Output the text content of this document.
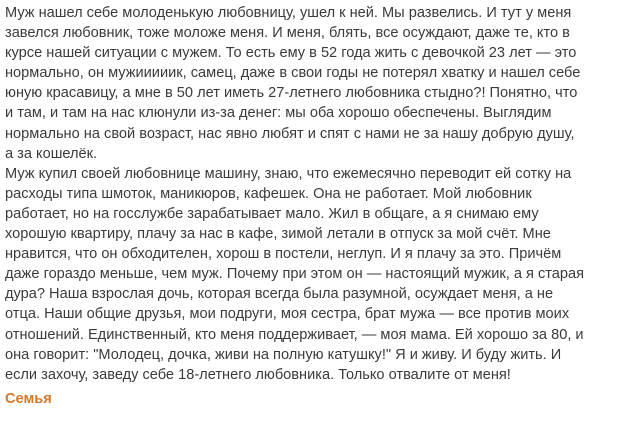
Муж нашел себе молоденькую любовницу, ушел к ней. Мы развелись. И тут у меня
завелся любовник, тоже моложе меня. И меня, блять, все осуждают, даже те, кто в
курсе нашей ситуации с мужем. То есть ему в 52 года жить с девочкой 23 лет — это
нормально, он мужииииик, самец, даже в свои годы не потерял хватку и нашел себе
юную красавицу, а мне в 50 лет иметь 27-летнего любовника стыдно?! Понятно, что
и там, и там на нас клюнули из-за денег: мы оба хорошо обеспечены. Выглядим
нормально на свой возраст, нас явно любят и спят с нами не за нашу добрую душу,
а за кошелёк.

Муж купил своей любовнице машину, знаю, что ежемесячно переводит ей сотку на
расходы типа шмоток, маникюров, кафешек. Она не работает. Мой любовник
работает, но на госслужбе зарабатывает мало. Жил в общаге, а я снимаю ему
хорошую квартиру, плачу за нас в кафе, зимой летали в отпуск за мой счёт. Мне
нравится, что он обходителен, хорош в постели, неглуп. И я плачу за это. Причём
даже гораздо меньше, чем муж. Почему при этом он — настоящий мужик, а я старая
дура? Наша взрослая дочь, которая всегда была разумной, осуждает меня, а не
отца. Наши общие друзья, мои подруги, моя сестра, брат мужа — все против моих
отношений. Единственный, кто меня поддерживает, — моя мама. Ей хорошо за 80, и
она говорит: "Молодец, дочка, живи на полную катушку!" Я и живу. И буду жить. И
если захочу, заведу себе 18-летнего любовника. Только отвалите от меня!

Семья
